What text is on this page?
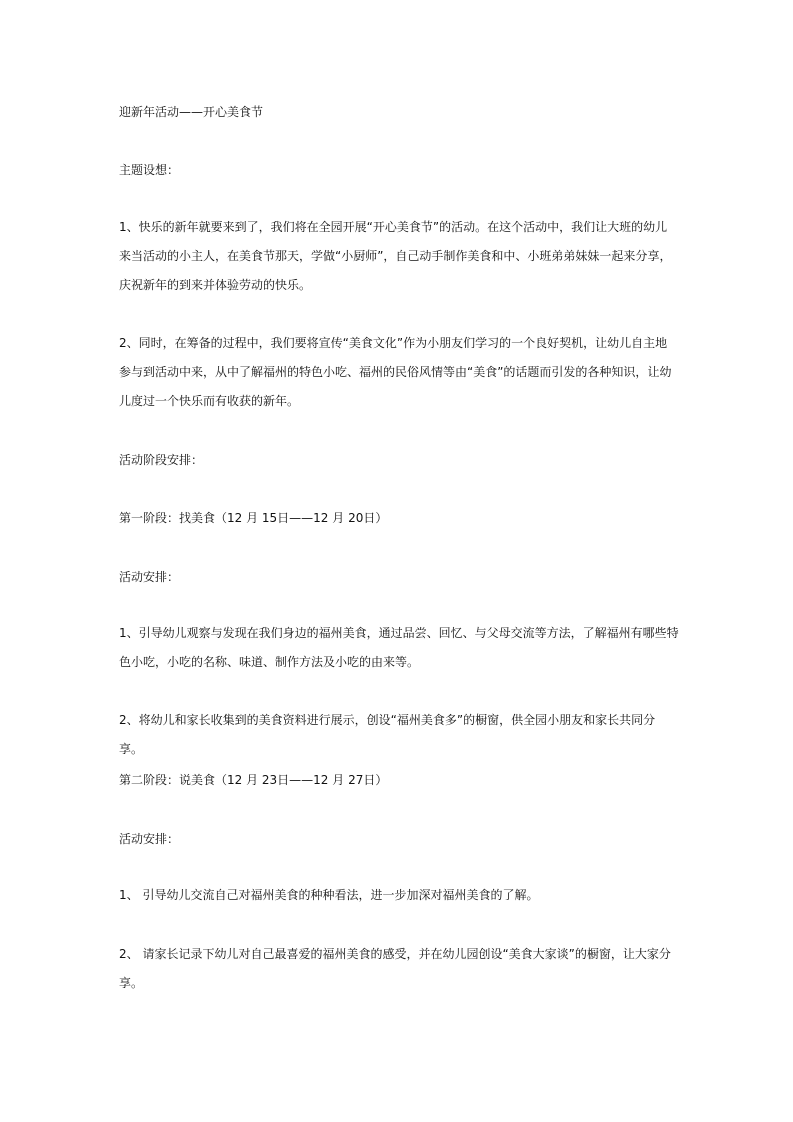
迎新年活动——开心美食节
主题设想：
1、快乐的新年就要来到了，我们将在全园开展“开心美食节”的活动。在这个活动中，我们让大班的幼儿来当活动的小主人，在美食节那天，学做“小厨师”，自己动手制作美食和中、小班弟弟妹妹一起来分享，庆祝新年的到来并体验劳动的快乐。
2、同时，在筹备的过程中，我们要将宣传“美食文化”作为小朋友们学习的一个良好契机，让幼儿自主地参与到活动中来，从中了解福州的特色小吃、福州的民俗风情等由“美食”的话题而引发的各种知识，让幼儿度过一个快乐而有收获的新年。
活动阶段安排：
第一阶段：找美食（12 月 15日——12 月 20日）
活动安排：
1、引导幼儿观察与发现在我们身边的福州美食，通过品尝、回忆、与父母交流等方法，了解福州有哪些特色小吃，小吃的名称、味道、制作方法及小吃的由来等。
2、将幼儿和家长收集到的美食资料进行展示，创设“福州美食多”的橱窗，供全园小朋友和家长共同分享。
第二阶段：说美食（12 月 23日——12 月 27日）
活动安排：
1、 引导幼儿交流自己对福州美食的种种看法，进一步加深对福州美食的了解。
2、 请家长记录下幼儿对自己最喜爱的福州美食的感受，并在幼儿园创设“美食大家谈”的橱窗，让大家分享。
